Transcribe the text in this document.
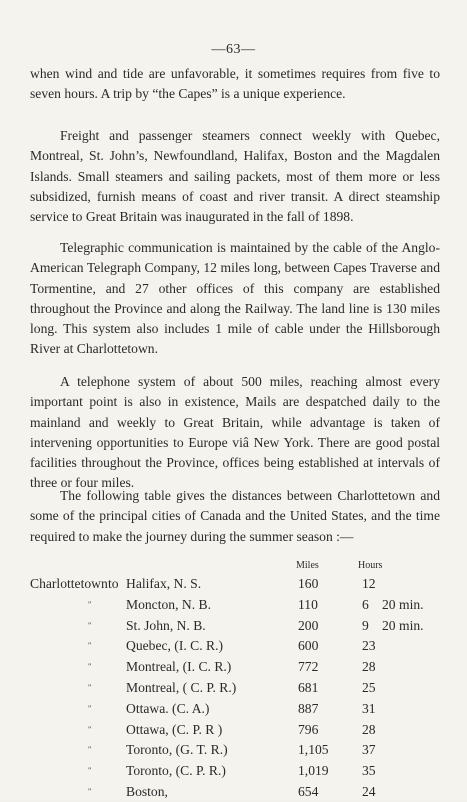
—63—

when wind and tide are unfavorable, it sometimes requires from five to seven hours. A trip by “the Capes” is a unique experience.

Freight and passenger steamers connect weekly with Quebec, Montreal, St. John’s, Newfoundland, Halifax, Boston and the Magdalen Islands. Small steamers and sailing packets, most of them more or less subsidized, furnish means of coast and river transit. A direct steamship service to Great Britain was inaugurated in the fall of 1898.

Telegraphic communication is maintained by the cable of the Anglo-American Telegraph Company, 12 miles long, between Capes Traverse and Tormentine, and 27 other offices of this company are established throughout the Province and along the Railway. The land line is 130 miles long. This system also includes 1 mile of cable under the Hillsborough River at Charlottetown.

A telephone system of about 500 miles, reaching almost every important point is also in existence, Mails are despatched daily to the mainland and weekly to Great Britain, while advantage is taken of intervening opportunities to Europe viâ New York. There are good postal facilities throughout the Province, offices being established at intervals of three or four miles.

The following table gives the distances between Charlottetown and some of the principal cities of Canada and the United States, and the time required to make the journey during the summer season :—

Miles	Hours
Charlottetown to Halifax, N. S.	160	12
"	Moncton, N. B.	110	6 20 min.
"	St. John, N. B.	200	9 20 min.
"	Quebec, (I. C. R.)	600	23
"	Montreal, (I. C. R.)	772	28
"	Montreal, ( C. P. R.)	681	25
"	Ottawa. (C. A.)	887	31
"	Ottawa, (C. P. R )	796	28
"	Toronto, (G. T. R.)	1,105 37
"	Toronto, (C. P. R.)	1,019 35
"	Boston,	654	24
